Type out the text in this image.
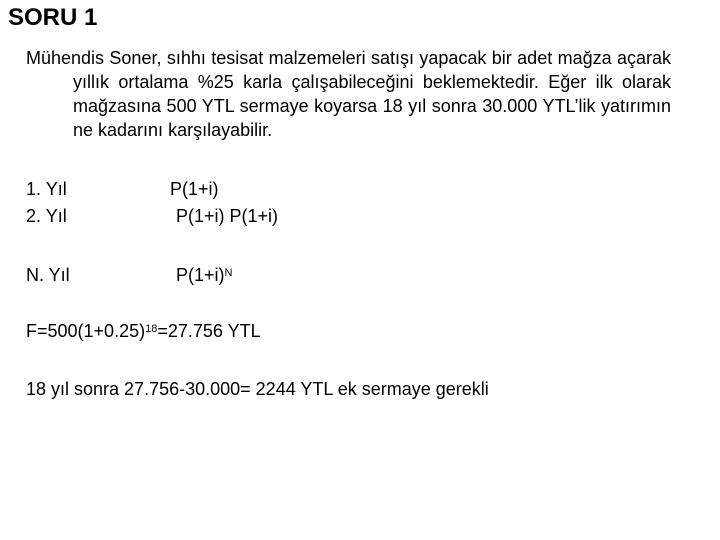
SORU 1

Mühendis Soner, sıhhı tesisat malzemeleri satışı yapacak bir adet mağza açarak yıllık ortalama %25 karla çalışabileceğini beklemektedir. Eğer ilk olarak mağzasına 500 YTL sermaye koyarsa 18 yıl sonra 30.000 YTL’lik yatırımın ne kadarını karşılayabilir.

1. Yıl	P(1+i)
2. Yıl	P(1+i) P(1+i)
N. Yıl	$P(1+i)^N$
$F=500(1+0.25)^{18}=27.756$ YTL
18 yıl sonra 27.756-30.000= 2244 YTL ek sermaye gerekli
